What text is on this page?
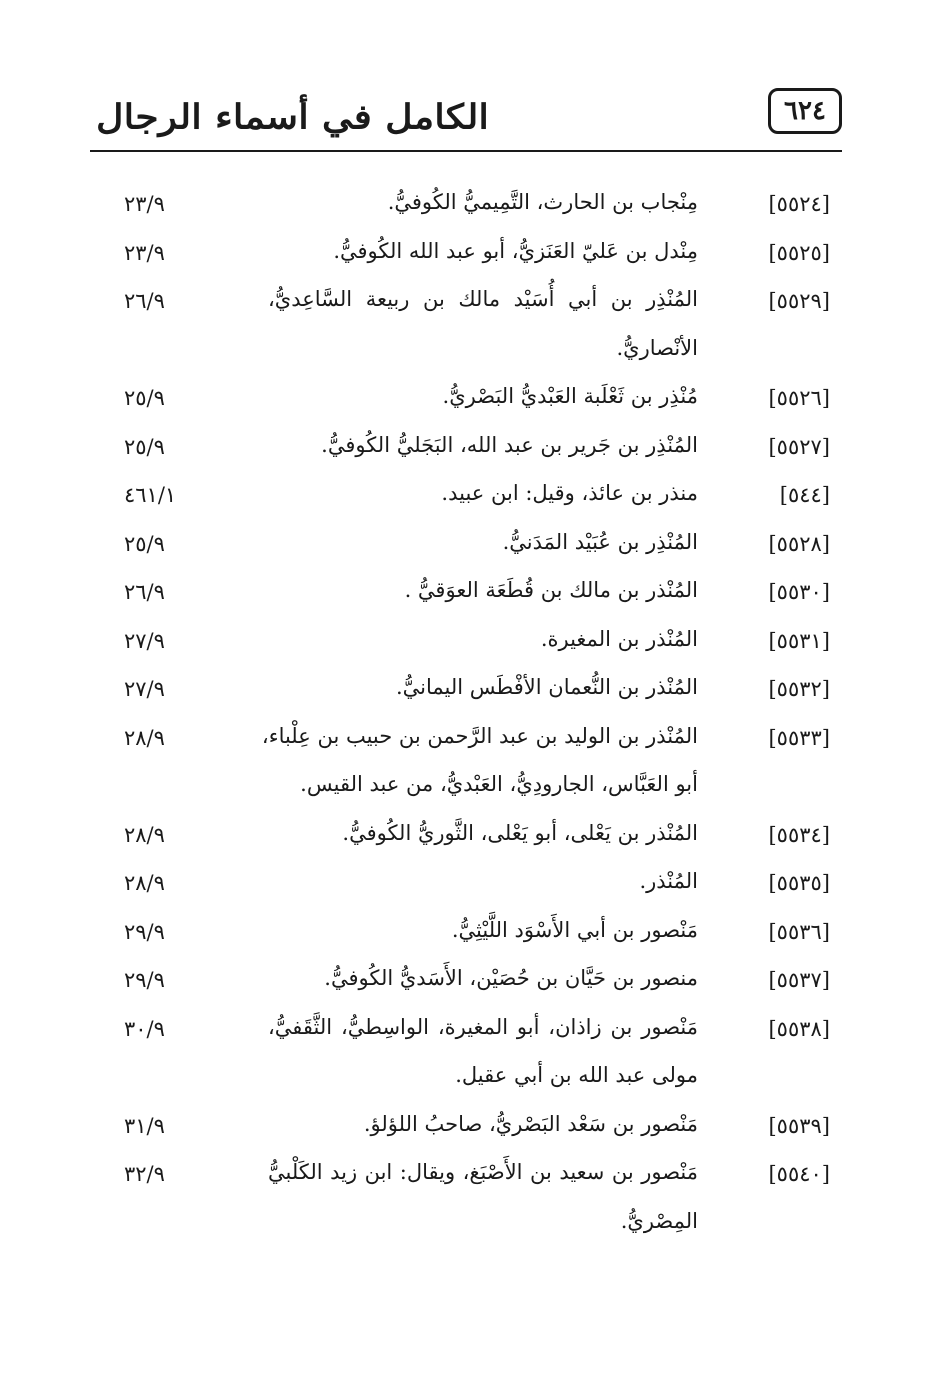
الكامل في أسماء الرجال	٦٢٤
[٥٥٢٤]
مِنْجاب بن الحارث، التَّمِيميُّ الكُوفيُّ.
٢٣/٩
[٥٥٢٥]
مِنْدل بن عَليّ العَنَزيُّ، أبو عبد الله الكُوفيُّ.
٢٣/٩
[٥٥٢٩]
المُنْذِر بن أبي أُسَيْد مالك بن ربيعة السَّاعِديُّ،
٢٦/٩
الأنْصاريُّ.
[٥٥٢٦]
مُنْذِر بن ثَعْلَبة العَبْديُّ البَصْريُّ.
٢٥/٩
[٥٥٢٧]
المُنْذِر بن جَرير بن عبد الله، البَجَليُّ الكُوفيُّ.
٢٥/٩
[٥٤٤]
منذر بن عائذ، وقيل: ابن عبيد.
٤٦١/١
[٥٥٢٨]
المُنْذِر بن عُبَيْد المَدَنيُّ.
٢٥/٩
[٥٥٣٠]
المُنْذر بن مالك بن قُطَعَة العوَقيُّ .
٢٦/٩
[٥٥٣١]
المُنْذر بن المغيرة.
٢٧/٩
[٥٥٣٢]
المُنْذر بن النُّعمان الأفْطَس اليمانيُّ.
٢٧/٩
[٥٥٣٣]
المُنْذر بن الوليد بن عبد الرَّحمن بن حبيب بن عِلْباء،
٢٨/٩
أبو العَبَّاس، الجارودِيُّ، العَبْديُّ، من عبد القيس.
[٥٥٣٤]
المُنْذر بن يَعْلى، أبو يَعْلى، الثَّوريُّ الكُوفيُّ.
٢٨/٩
[٥٥٣٥]
المُنْذر.
٢٨/٩
[٥٥٣٦]
مَنْصور بن أبي الأَسْوَد اللَّيْثِيُّ.
٢٩/٩
[٥٥٣٧]
منصور بن حَيَّان بن حُصَيْن، الأَسَديُّ الكُوفيُّ.
٢٩/٩
[٥٥٣٨]
مَنْصور بن زاذان، أبو المغيرة، الواسِطيُّ، الثَّقَفيُّ،
٣٠/٩
مولى عبد الله بن أبي عقيل.
[٥٥٣٩]
مَنْصور بن سَعْد البَصْريُّ، صاحبُ اللؤلؤ.
٣١/٩
[٥٥٤٠]
مَنْصور بن سعيد بن الأَصْبَغ، ويقال: ابن زيد الكَلْبيُّ
٣٢/٩
المِصْريُّ.
